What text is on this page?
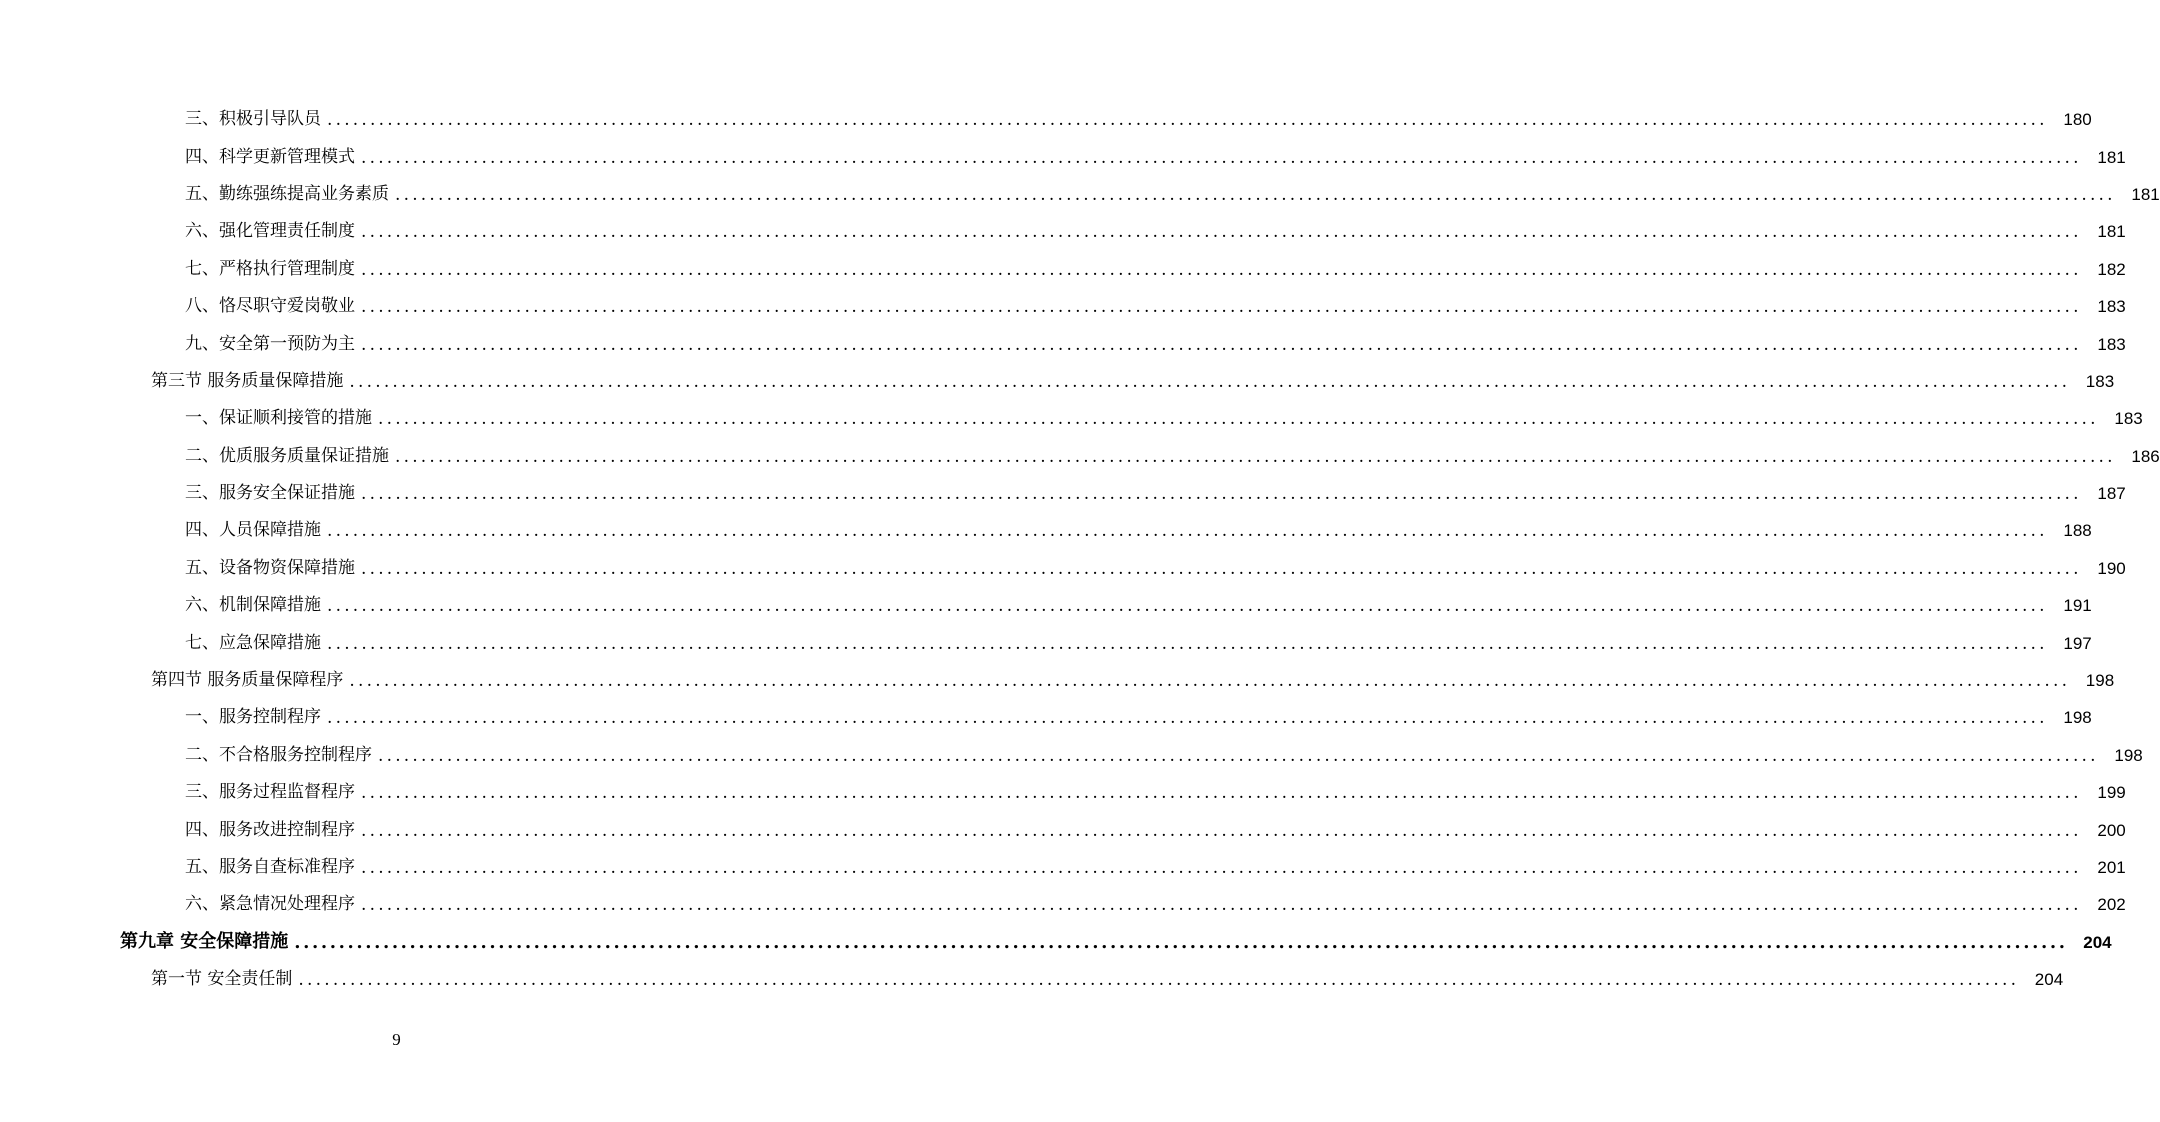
三、积极引导队员 ........................................................................................................................................................................................................ 180
四、科学更新管理模式 ........................................................................................................................................................................................................ 181
五、勤练强练提高业务素质 ........................................................................................................................................................................................................ 181
六、强化管理责任制度 ........................................................................................................................................................................................................ 181
七、严格执行管理制度 ........................................................................................................................................................................................................ 182
八、恪尽职守爱岗敬业 ........................................................................................................................................................................................................ 183
九、安全第一预防为主 ........................................................................................................................................................................................................ 183
第三节 服务质量保障措施 ........................................................................................................................................................................................................ 183
一、保证顺利接管的措施 ........................................................................................................................................................................................................ 183
二、优质服务质量保证措施 ........................................................................................................................................................................................................ 186
三、服务安全保证措施 ........................................................................................................................................................................................................ 187
四、人员保障措施 ........................................................................................................................................................................................................ 188
五、设备物资保障措施 ........................................................................................................................................................................................................ 190
六、机制保障措施 ........................................................................................................................................................................................................ 191
七、应急保障措施 ........................................................................................................................................................................................................ 197
第四节 服务质量保障程序 ........................................................................................................................................................................................................ 198
一、服务控制程序 ........................................................................................................................................................................................................ 198
二、不合格服务控制程序 ........................................................................................................................................................................................................ 198
三、服务过程监督程序 ........................................................................................................................................................................................................ 199
四、服务改进控制程序 ........................................................................................................................................................................................................ 200
五、服务自查标准程序 ........................................................................................................................................................................................................ 201
六、紧急情况处理程序 ........................................................................................................................................................................................................ 202
第九章 安全保障措施 ........................................................................................................................................................................................................ 204
第一节 安全责任制 ........................................................................................................................................................................................................ 204
9
